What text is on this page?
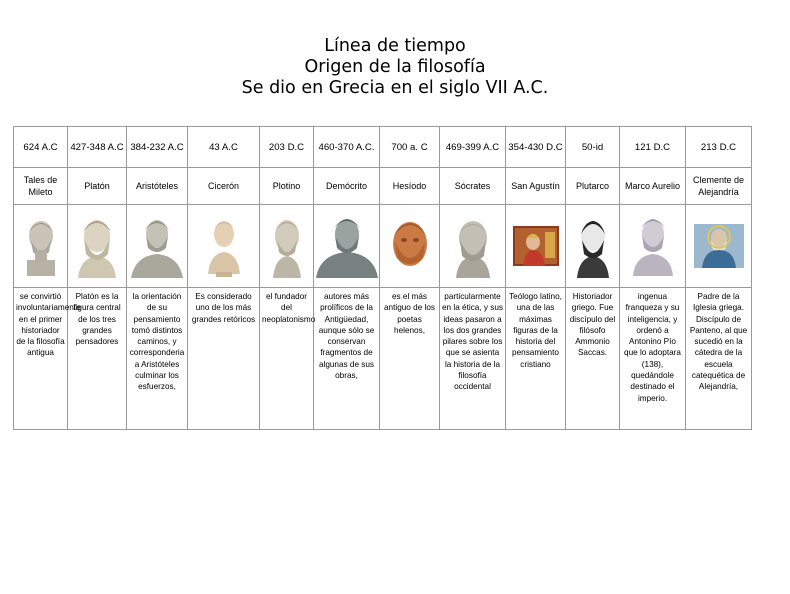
Línea de tiempo
Origen de la filosofía
Se dio en Grecia en el siglo VII A.C.
624 A.C	427-348 A.C	384-232 A.C	43 A.C	203 D.C	460-370 A.C.	700 a. C	469-399 A.C	354-430 D.C	50-id	121 D.C	213 D.C
Tales de Mileto	Platón	Aristóteles	Cicerón	Plotino	Demócrito	Hesíodo	Sócrates	San Agustín	Plutarco	Marco Aurelio	Clemente de Alejandría

se convirtió involuntariamente en el primer historiador de la filosofía antigua	Platón es la figura central de los tres grandes pensadores	la orientación de su pensamiento tomó distintos caminos, y corresponderia a Aristóteles culminar los esfuerzos,	Es considerado uno de los más grandes retóricos	el fundador del neoplatonismo	autores más prolíficos de la Antigüedad, aunque sólo se conservan fragmentos de algunas de sus obras,	es el más antiguo de los poetas helenos,	particularmente en la ética, y sus ideas pasaron a los dos grandes pilares sobre los que se asienta la historia de la filosofía occidental	Teólogo latino, una de las máximas figuras de la historia del pensamiento cristiano	Historiador griego. Fue discípulo del filósofo Ammonio Saccas.	ingenua franqueza y su inteligencia, y ordenó a Antonino Pío que lo adoptara (138), quedándole destinado el imperio.	Padre de la Iglesia griega. Discípulo de Panteno, al que sucedió en la cátedra de la escuela catequética de Alejandría,
